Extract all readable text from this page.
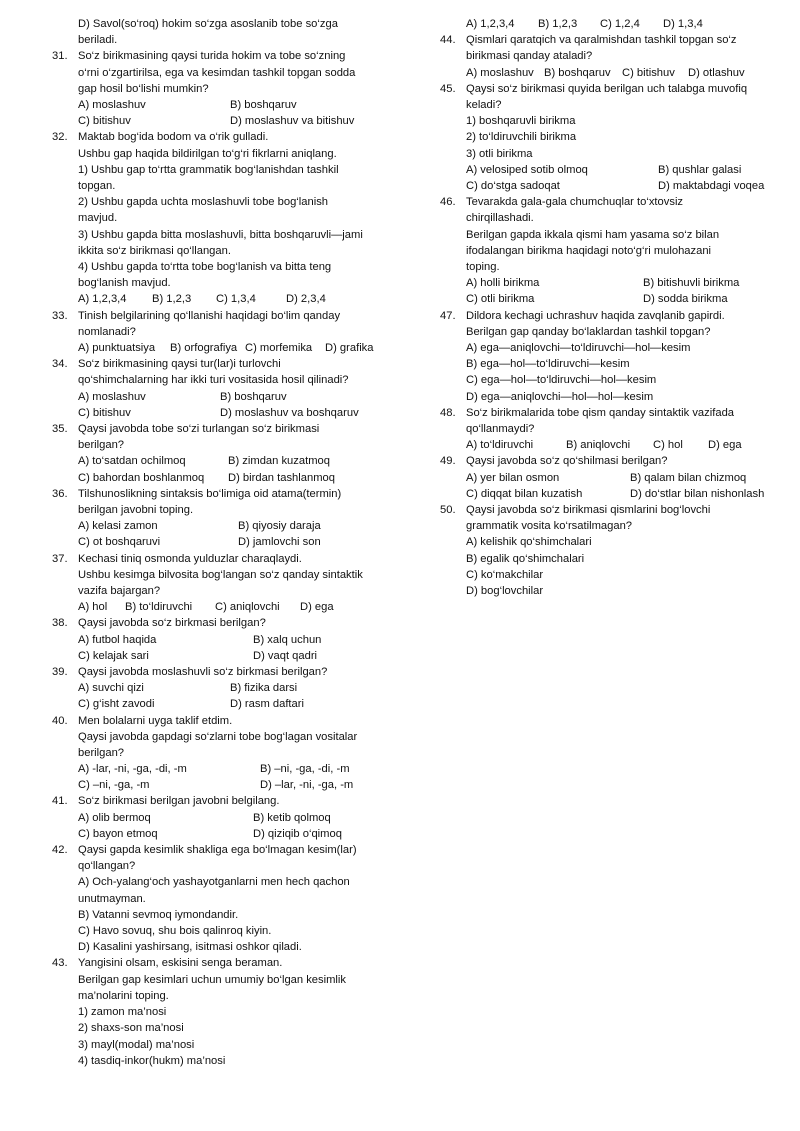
D) Savol(so‘roq) hokim so‘zga asoslanib tobe so‘zga
beriladi.
31. So‘z birikmasining qaysi turida hokim va tobe so‘zning
o‘rni o‘zgartirilsa, ega va kesimdan tashkil topgan sodda
gap hosil bo‘lishi mumkin?
A) moslashuv	B) boshqaruv
C) bitishuv	D) moslashuv va bitishuv
32. Maktab bog‘ida bodom va o‘rik gulladi.
Ushbu gap haqida bildirilgan to‘g‘ri fikrlarni aniqlang.
1) Ushbu gap to‘rtta grammatik bog‘lanishdan tashkil
topgan.
2) Ushbu gapda uchta moslashuvli tobe bog‘lanish
mavjud.
3) Ushbu gapda bitta moslashuvli, bitta boshqaruvli—jami
ikkita so‘z birikmasi qo‘llangan.
4) Ushbu gapda to‘rtta tobe bog‘lanish va bitta teng
bog‘lanish mavjud.
A) 1,2,3,4 B) 1,2,3 C) 1,3,4	D) 2,3,4
33. Tinish belgilarining qo‘llanishi haqidagi bo‘lim qanday
nomlanadi?
A) punktuatsiya B) orfografiya C) morfemika D) grafika
34. So‘z birikmasining qaysi tur(lar)i turlovchi
qo‘shimchalarning har ikki turi vositasida hosil qilinadi?
A) moslashuv	B) boshqaruv
C) bitishuv	D) moslashuv va boshqaruv
35. Qaysi javobda tobe so‘zi turlangan so‘z birikmasi
berilgan?
A) to‘satdan ochilmoq	B) zimdan kuzatmoq
C) bahordan boshlanmoq D) birdan tashlanmoq
36. Tilshunoslikning sintaksis bo‘limiga oid atama(termin)
berilgan javobni toping.
A) kelasi zamon	B) qiyosiy daraja
C) ot boshqaruvi	D) jamlovchi son
37. Kechasi tiniq osmonda yulduzlar charaqlaydi.
Ushbu kesimga bilvosita bog‘langan so‘z qanday sintaktik
vazifa bajargan?
A) hol B) to‘ldiruvchi C) aniqlovchi D) ega
38. Qaysi javobda so‘z birkmasi berilgan?
A) futbol haqida	B) xalq uchun
C) kelajak sari	D) vaqt qadri
39. Qaysi javobda moslashuvli so‘z birkmasi berilgan?
A) suvchi qizi	B) fizika darsi
C) g‘isht zavodi	D) rasm daftari
40. Men bolalarni uyga taklif etdim.
Qaysi javobda gapdagi so‘zlarni tobe bog‘lagan vositalar
berilgan?
A) -lar, -ni, -ga, -di, -m	B) –ni, -ga, -di, -m
C) –ni, -ga, -m	D) –lar, -ni, -ga, -m
41. So‘z birikmasi berilgan javobni belgilang.
A) olib bermoq	B) ketib qolmoq
C) bayon etmoq	D) qiziqib o‘qimoq
42. Qaysi gapda kesimlik shakliga ega bo‘lmagan kesim(lar)
qo‘llangan?
A) Och-yalang‘och yashayotganlarni men hech qachon
unutmayman.
B) Vatanni sevmoq iymondandir.
C) Havo sovuq, shu bois qalinroq kiyin.
D) Kasalini yashirsang, isitmasi oshkor qiladi.
43. Yangisini olsam, eskisini senga beraman.
Berilgan gap kesimlari uchun umumiy bo‘lgan kesimlik
ma’nolarini toping.
1) zamon ma’nosi
2) shaxs-son ma’nosi
3) mayl(modal) ma’nosi
4) tasdiq-inkor(hukm) ma’nosi
A) 1,2,3,4 B) 1,2,3 C) 1,2,4 D) 1,3,4
44. Qismlari qaratqich va qaralmishdan tashkil topgan so‘z
birikmasi qanday ataladi?
A) moslashuv B) boshqaruv C) bitishuv D) otlashuv
45. Qaysi so‘z birikmasi quyida berilgan uch talabga muvofiq
keladi?
1) boshqaruvli birikma
2) to‘ldiruvchili birikma
3) otli birikma
A) velosiped sotib olmoq	B) qushlar galasi
C) do‘stga sadoqat	D) maktabdagi voqea
46. Tevarakda gala-gala chumchuqlar to‘xtovsiz
chirqillashadi.
Berilgan gapda ikkala qismi ham yasama so‘z bilan
ifodalangan birikma haqidagi noto‘g‘ri mulohazani
toping.
A) holli birikma	B) bitishuvli birikma
C) otli birikma	D) sodda birikma
47. Dildora kechagi uchrashuv haqida zavqlanib gapirdi.
Berilgan gap qanday bo‘laklardan tashkil topgan?
A) ega—aniqlovchi—to‘ldiruvchi—hol—kesim
B) ega—hol—to‘ldiruvchi—kesim
C) ega—hol—to‘ldiruvchi—hol—kesim
D) ega—aniqlovchi—hol—hol—kesim
48. So‘z birikmalarida tobe qism qanday sintaktik vazifada
qo‘llanmaydi?
A) to‘ldiruvchi	B) aniqlovchi C) hol D) ega
49. Qaysi javobda so‘z qo‘shilmasi berilgan?
A) yer bilan osmon	B) qalam bilan chizmoq
C) diqqat bilan kuzatish	D) do‘stlar bilan nishonlash
50. Qaysi javobda so‘z birikmasi qismlarini bog‘lovchi
grammatik vosita ko‘rsatilmagan?
A) kelishik qo‘shimchalari
B) egalik qo‘shimchalari
C) ko‘makchilar
D) bog‘lovchilar
